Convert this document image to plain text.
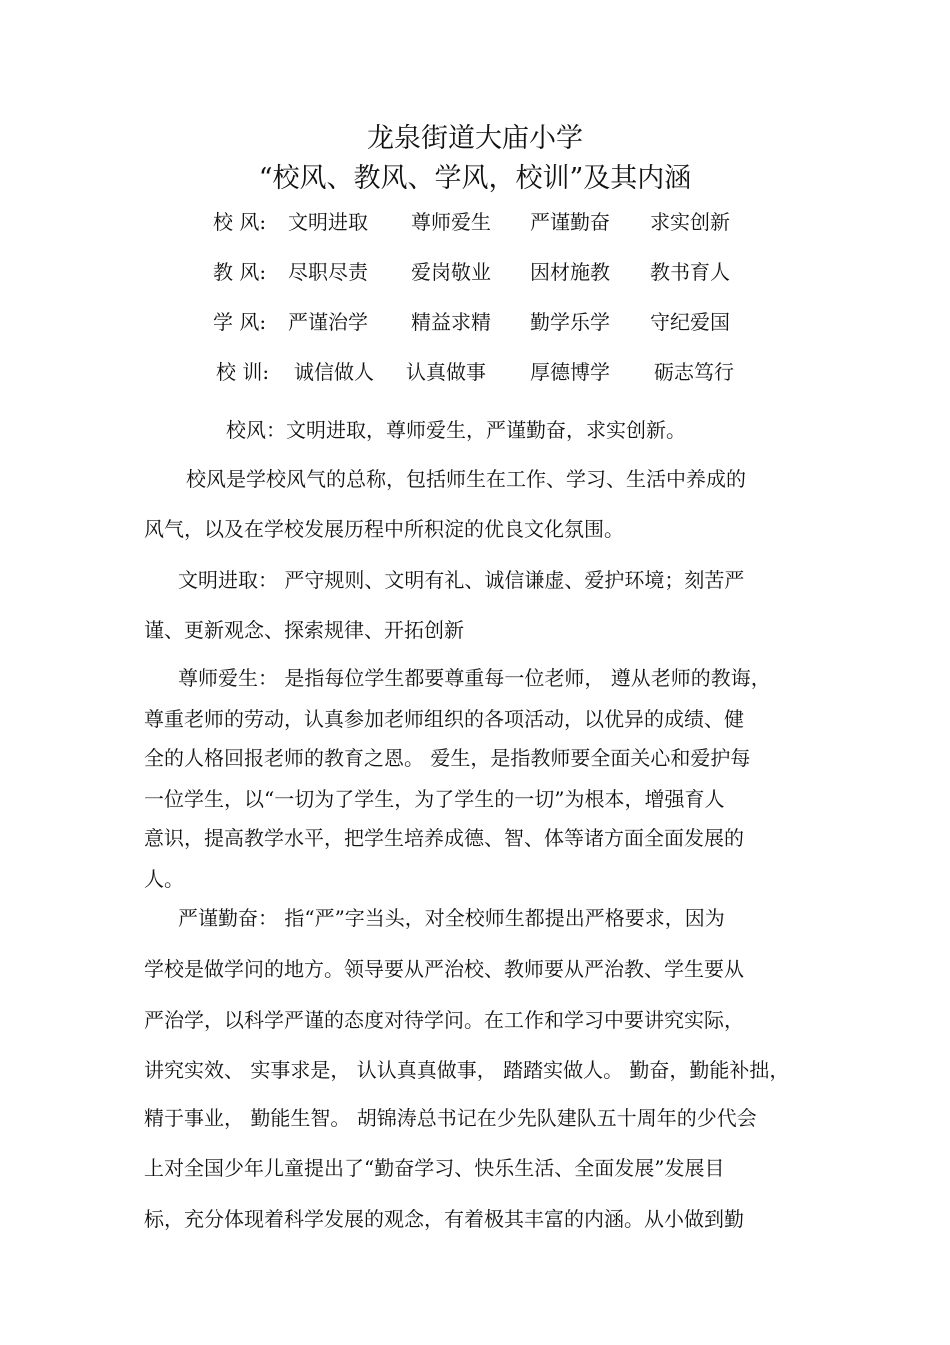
龙泉街道大庙小学
“校风、教风、学风，校训”及其内涵
校 风: 文明进取 尊师爱生 严谨勤奋 求实创新
教 风: 尽职尽责 爱岗敬业 因材施教 教书育人
学 风: 严谨治学 精益求精 勤学乐学 守纪爱国
校 训: 诚信做人 认真做事 厚德博学 砺志笃行
校风：文明进取，尊师爱生，严谨勤奋，求实创新。
校风是学校风气的总称，包括师生在工作、学习、生活中养成的
风气，以及在学校发展历程中所积淀的优良文化氛围。
文明进取： 严守规则、文明有礼、诚信谦虚、爱护环境；刻苦严
谨、更新观念、探索规律、开拓创新
尊师爱生： 是指每位学生都要尊重每一位老师， 遵从老师的教诲，
尊重老师的劳动，认真参加老师组织的各项活动，以优异的成绩、健
全的人格回报老师的教育之恩。 爱生，是指教师要全面关心和爱护每
一位学生，以“一切为了学生，为了学生的一切”为根本，增强育人
意识，提高教学水平，把学生培养成德、智、体等诸方面全面发展的
人。
严谨勤奋： 指“严”字当头，对全校师生都提出严格要求，因为
学校是做学问的地方。领导要从严治校、教师要从严治教、学生要从
严治学，以科学严谨的态度对待学问。在工作和学习中要讲究实际，
讲究实效、 实事求是， 认认真真做事， 踏踏实做人。 勤奋，勤能补拙，
精于事业， 勤能生智。 胡锦涛总书记在少先队建队五十周年的少代会
上对全国少年儿童提出了“勤奋学习、快乐生活、全面发展”发展目
标，充分体现着科学发展的观念，有着极其丰富的内涵。从小做到勤
